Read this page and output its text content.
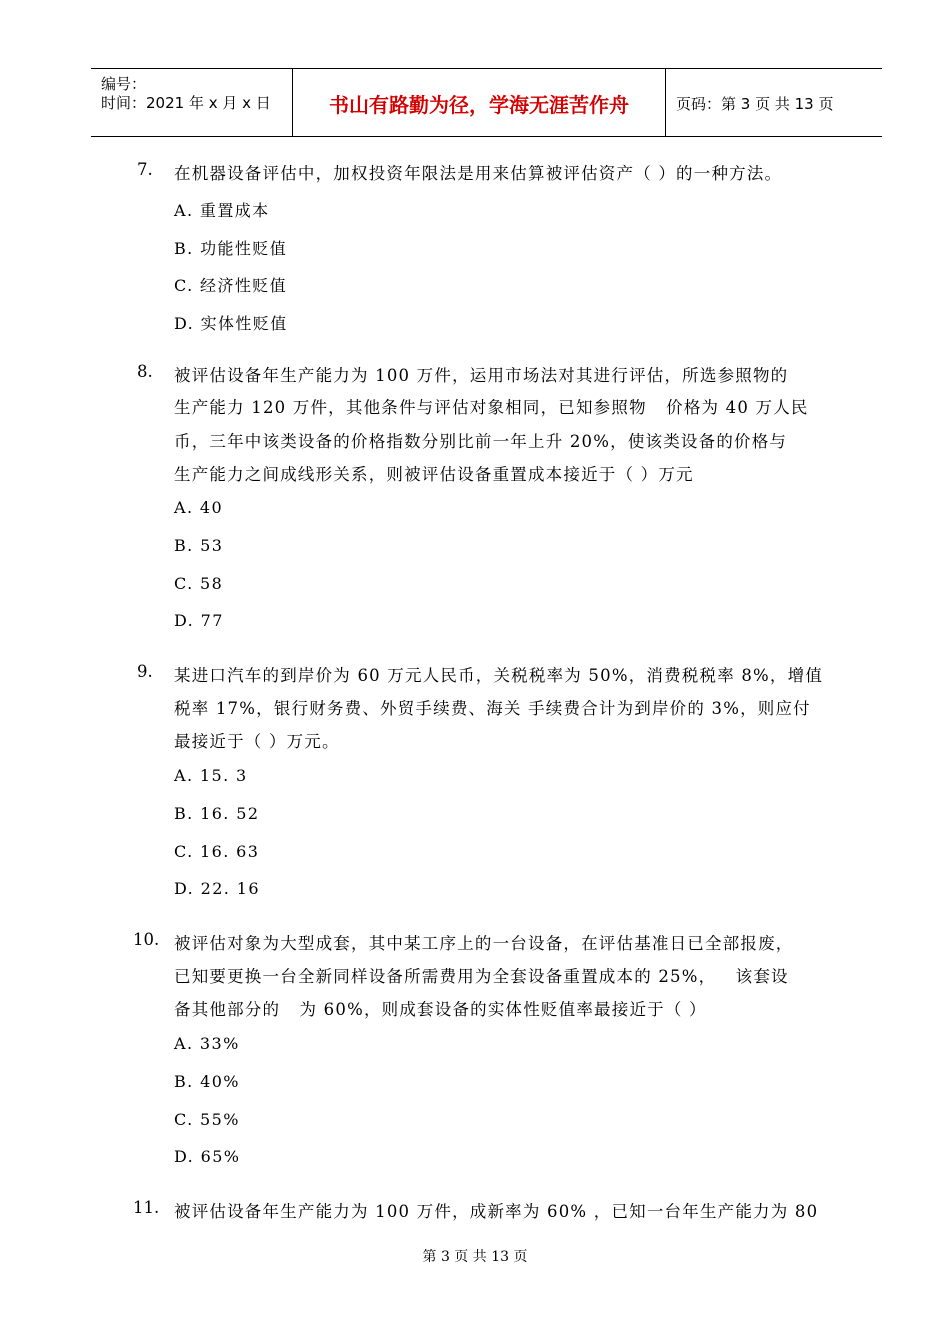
编号：
时间：2021 年 x 月 x 日	书山有路勤为径，学海无涯苦作舟	页码：第 3 页 共 13 页
7. 在机器设备评估中，加权投资年限法是用来估算被评估资产（ ）的一种方法。
A. 重置成本
B. 功能性贬值
C. 经济性贬值
D. 实体性贬值
8. 被评估设备年生产能力为 100 万件，运用市场法对其进行评估，所选参照物的
生产能力 120 万件，其他条件与评估对象相同，已知参照物   价格为 40 万人民
币，三年中该类设备的价格指数分别比前一年上升 20%，使该类设备的价格与
生产能力之间成线形关系，则被评估设备重置成本接近于（ ）万元
A. 40
B. 53
C. 58
D. 77
9. 某进口汽车的到岸价为 60 万元人民币，关税税率为 50%，消费税税率 8%，增值
税率 17%，银行财务费、外贸手续费、海关 手续费合计为到岸价的 3%，则应付
最接近于（ ）万元。
A. 15. 3
B. 16. 52
C. 16. 63
D. 22. 16
10. 被评估对象为大型成套，其中某工序上的一台设备，在评估基准日已全部报废，
已知要更换一台全新同样设备所需费用为全套设备重置成本的 25%，   该套设
备其他部分的   为 60%，则成套设备的实体性贬值率最接近于（ ）
A. 33%
B. 40%
C. 55%
D. 65%
11. 被评估设备年生产能力为 100 万件，成新率为 60% ，已知一台年生产能力为 80
第 3 页 共 13 页
